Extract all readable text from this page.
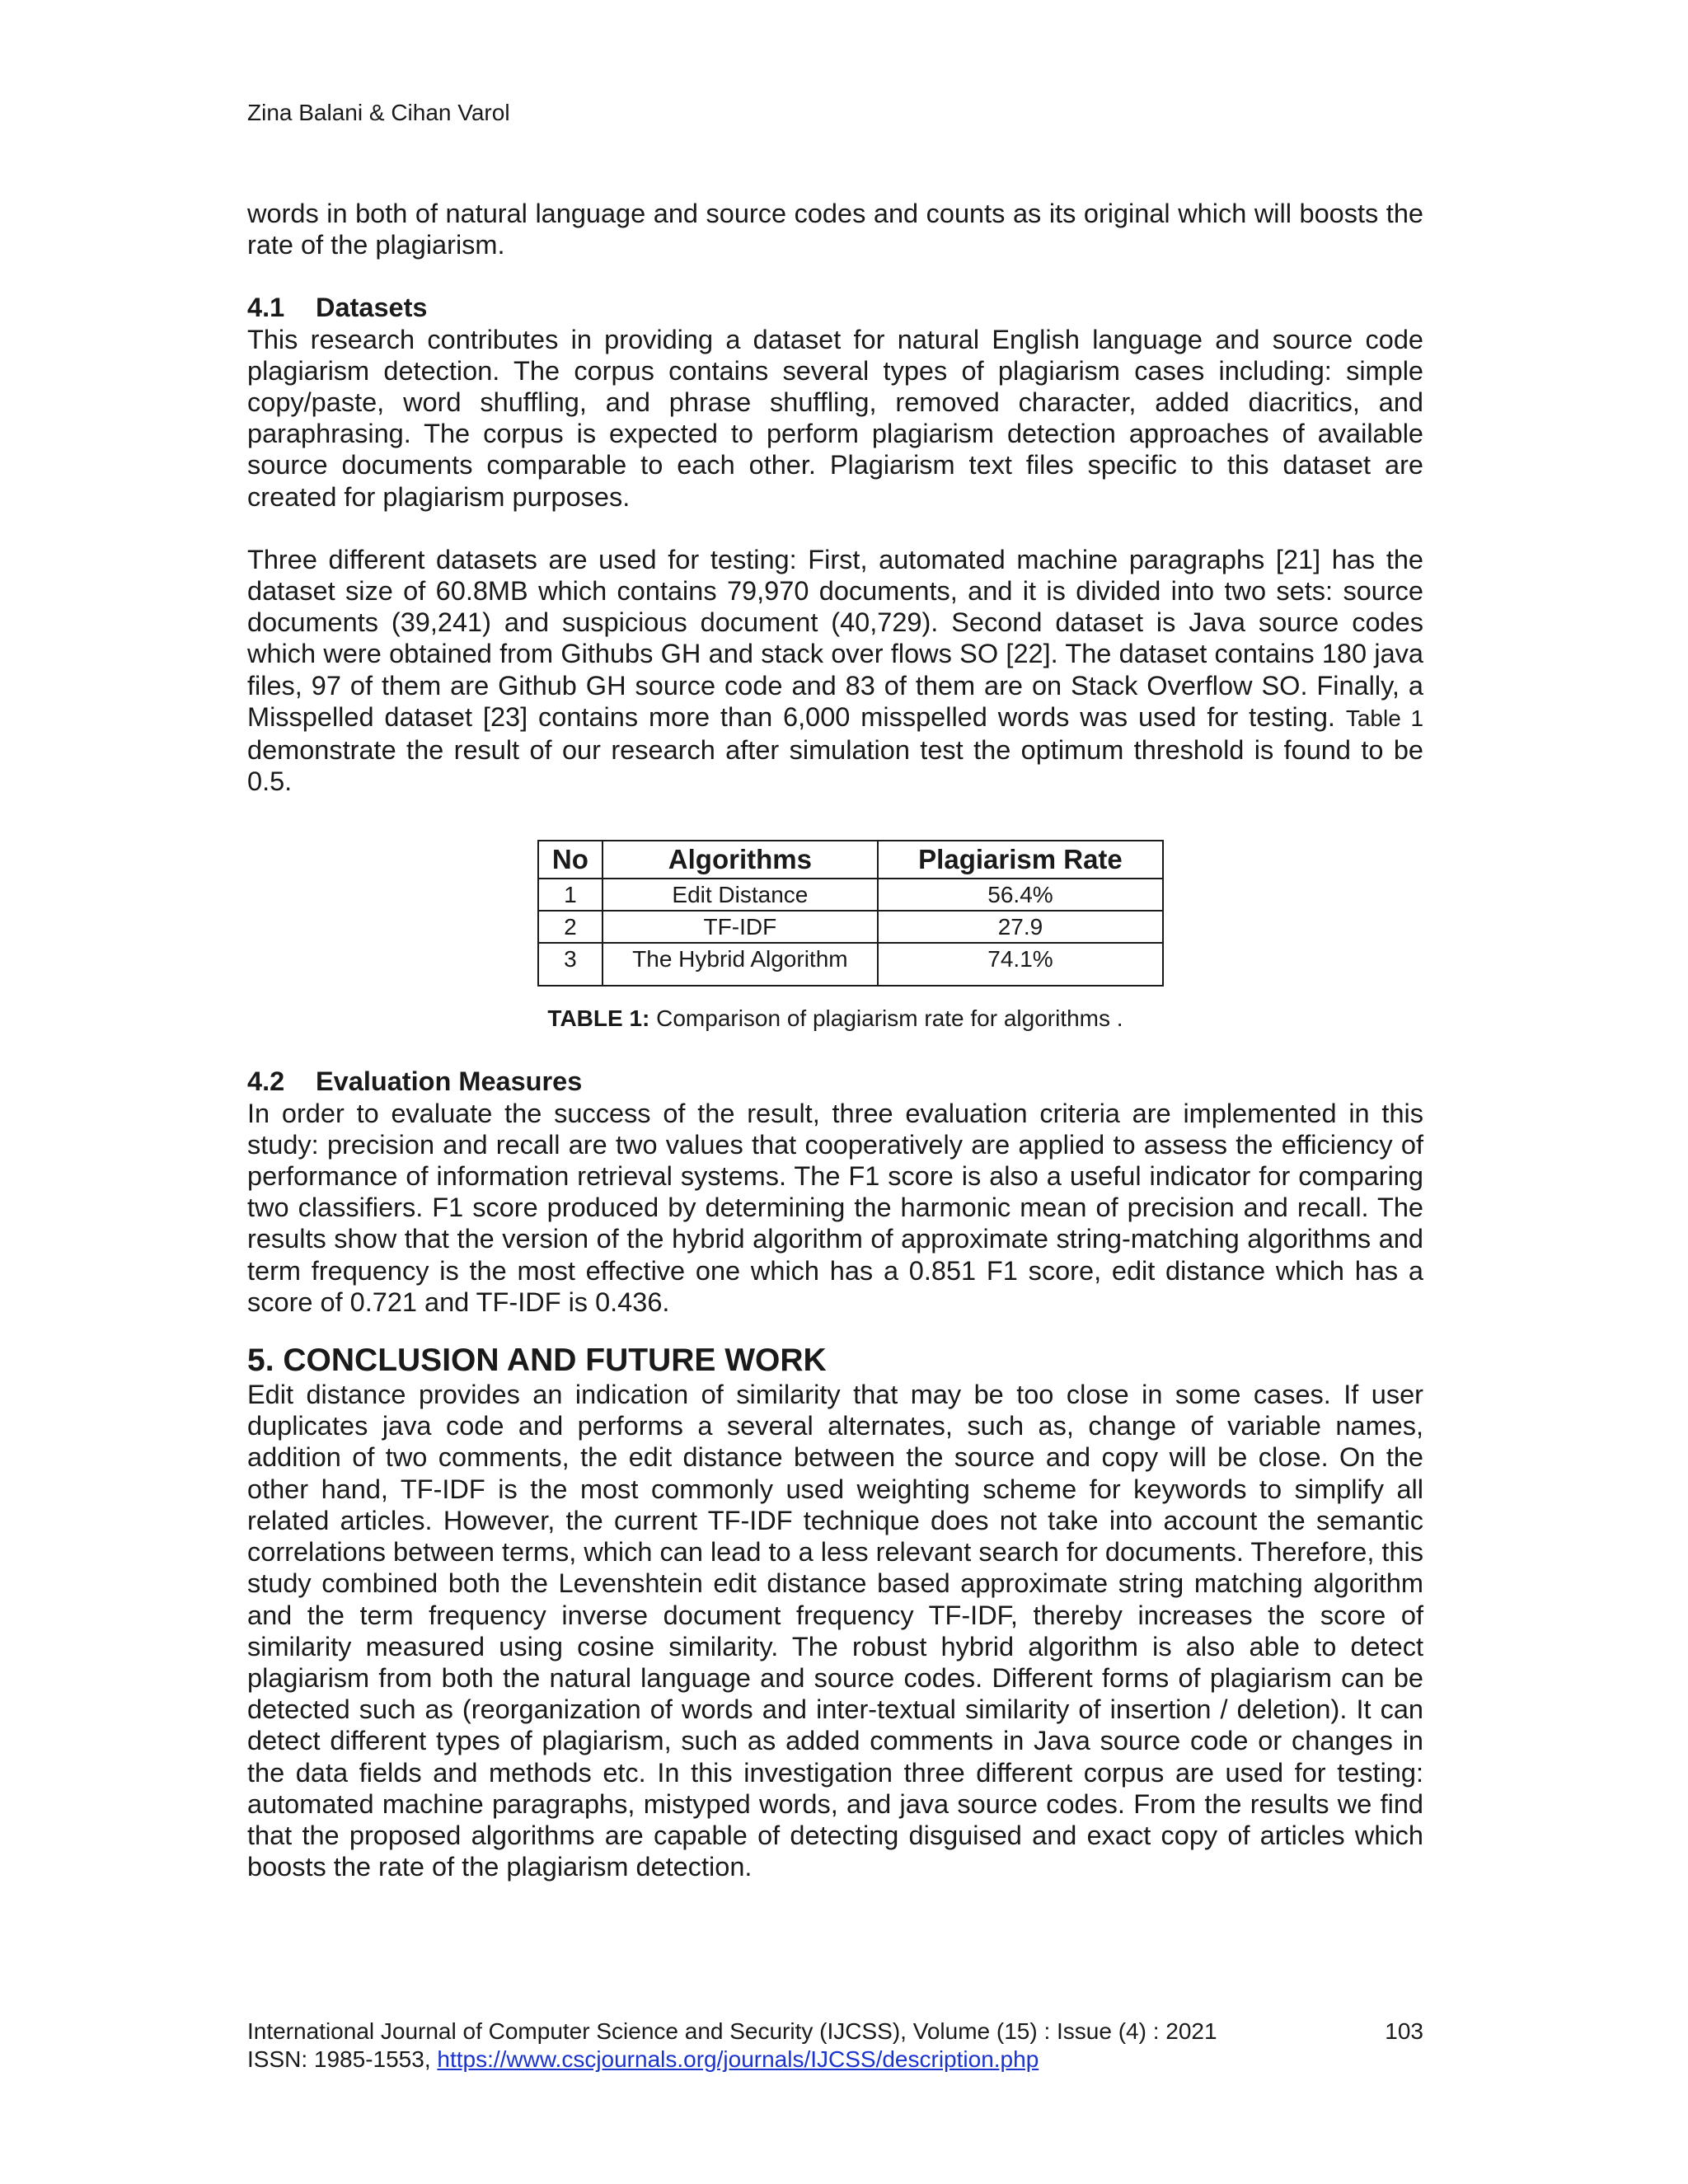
Zina Balani & Cihan Varol

words in both of natural language and source codes and counts as its original which will boosts the rate of the plagiarism.

4.1 Datasets

This research contributes in providing a dataset for natural English language and source code plagiarism detection. The corpus contains several types of plagiarism cases including: simple copy/paste, word shuffling, and phrase shuffling, removed character, added diacritics, and paraphrasing. The corpus is expected to perform plagiarism detection approaches of available source documents comparable to each other. Plagiarism text files specific to this dataset are created for plagiarism purposes.

Three different datasets are used for testing: First, automated machine paragraphs [21] has the dataset size of 60.8MB which contains 79,970 documents, and it is divided into two sets: source documents (39,241) and suspicious document (40,729). Second dataset is Java source codes which were obtained from Githubs GH and stack over flows SO [22]. The dataset contains 180 java files, 97 of them are Github GH source code and 83 of them are on Stack Overflow SO. Finally, a Misspelled dataset [23] contains more than 6,000 misspelled words was used for testing. Table 1 demonstrate the result of our research after simulation test the optimum threshold is found to be 0.5.

No	Algorithms	Plagiarism Rate
1	Edit Distance	56.4%
2	TF-IDF	27.9
3	The Hybrid Algorithm	74.1%
TABLE 1: Comparison of plagiarism rate for algorithms .
4.2 Evaluation Measures

In order to evaluate the success of the result, three evaluation criteria are implemented in this study: precision and recall are two values that cooperatively are applied to assess the efficiency of performance of information retrieval systems. The F1 score is also a useful indicator for comparing two classifiers. F1 score produced by determining the harmonic mean of precision and recall. The results show that the version of the hybrid algorithm of approximate string-matching algorithms and term frequency is the most effective one which has a 0.851 F1 score, edit distance which has a score of 0.721 and TF-IDF is 0.436.

5. CONCLUSION AND FUTURE WORK

Edit distance provides an indication of similarity that may be too close in some cases. If user duplicates java code and performs a several alternates, such as, change of variable names, addition of two comments, the edit distance between the source and copy will be close. On the other hand, TF-IDF is the most commonly used weighting scheme for keywords to simplify all related articles. However, the current TF-IDF technique does not take into account the semantic correlations between terms, which can lead to a less relevant search for documents. Therefore, this study combined both the Levenshtein edit distance based approximate string matching algorithm and the term frequency inverse document frequency TF-IDF, thereby increases the score of similarity measured using cosine similarity. The robust hybrid algorithm is also able to detect plagiarism from both the natural language and source codes. Different forms of plagiarism can be detected such as (reorganization of words and inter-textual similarity of insertion / deletion). It can detect different types of plagiarism, such as added comments in Java source code or changes in the data fields and methods etc. In this investigation three different corpus are used for testing: automated machine paragraphs, mistyped words, and java source codes. From the results we find that the proposed algorithms are capable of detecting disguised and exact copy of articles which boosts the rate of the plagiarism detection.

International Journal of Computer Science and Security (IJCSS), Volume (15) : Issue (4) : 2021	103
ISSN: 1985-1553, https://www.cscjournals.org/journals/IJCSS/description.php
